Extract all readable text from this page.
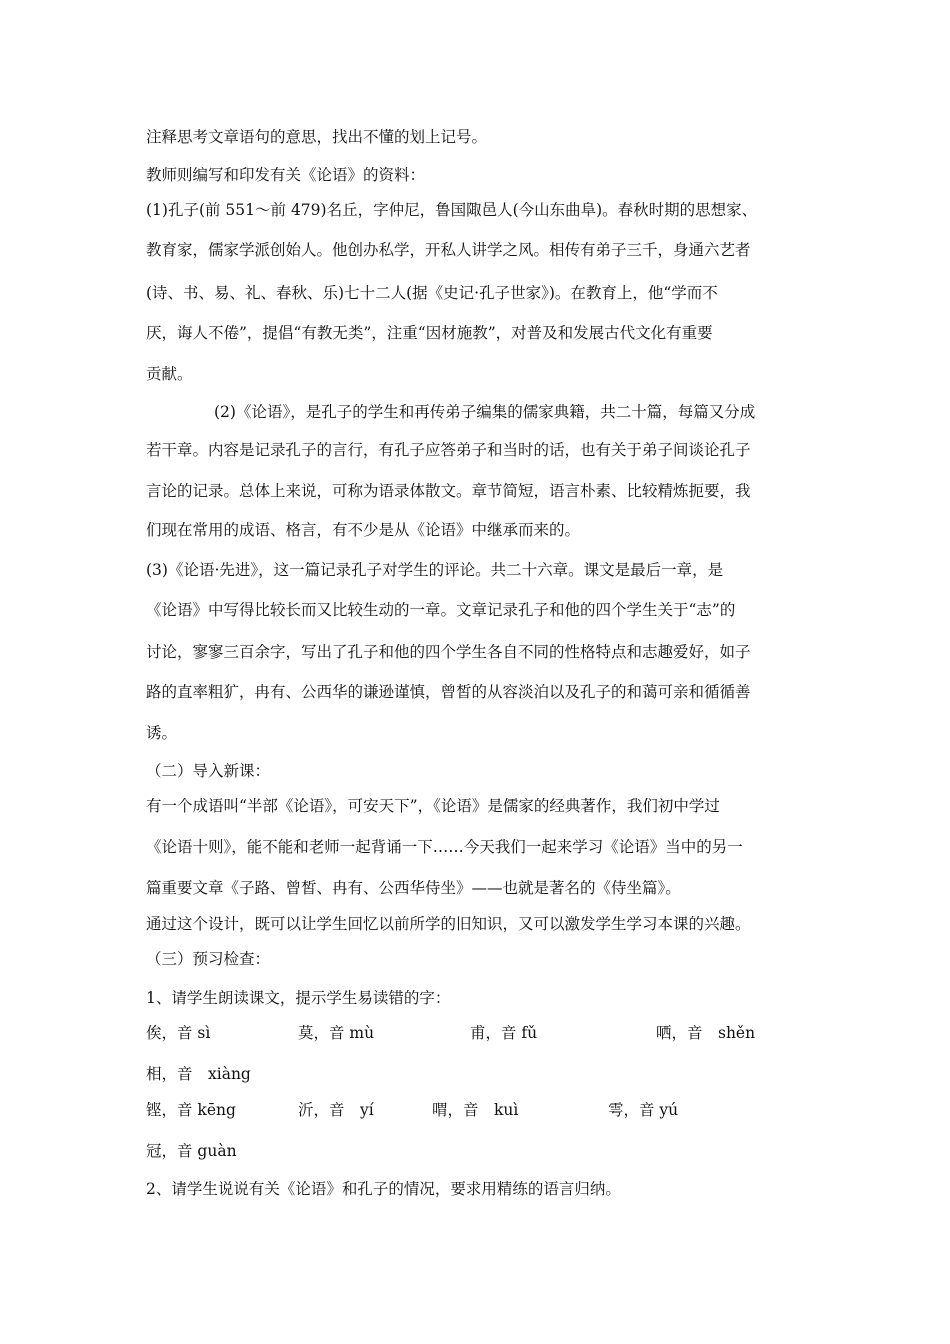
注释思考文章语句的意思，找出不懂的划上记号。
教师则编写和印发有关《论语》的资料：
(1)孔子(前 551～前 479)名丘，字仲尼，鲁国陬邑人(今山东曲阜)。春秋时期的思想家、
教育家，儒家学派创始人。他创办私学，开私人讲学之风。相传有弟子三千，身通六艺者
(诗、书、易、礼、春秋、乐)七十二人(据《史记·孔子世家》)。在教育上，他“学而不
厌，诲人不倦”，提倡“有教无类”，注重“因材施教”，对普及和发展古代文化有重要
贡献。
(2)《论语》，是孔子的学生和再传弟子编集的儒家典籍，共二十篇，每篇又分成
若干章。内容是记录孔子的言行，有孔子应答弟子和当时的话，也有关于弟子间谈论孔子
言论的记录。总体上来说，可称为语录体散文。章节简短，语言朴素、比较精炼扼要，我
们现在常用的成语、格言，有不少是从《论语》中继承而来的。
(3)《论语·先进》，这一篇记录孔子对学生的评论。共二十六章。课文是最后一章，是
《论语》中写得比较长而又比较生动的一章。文章记录孔子和他的四个学生关于“志”的
讨论，寥寥三百余字，写出了孔子和他的四个学生各自不同的性格特点和志趣爱好，如子
路的直率粗犷，冉有、公西华的谦逊谨慎，曾皙的从容淡泊以及孔子的和蔼可亲和循循善
诱。
（二）导入新课：
有一个成语叫“半部《论语》，可安天下”，《论语》是儒家的经典著作，我们初中学过
《论语十则》，能不能和老师一起背诵一下……今天我们一起来学习《论语》当中的另一
篇重要文章《子路、曾皙、冉有、公西华侍坐》——也就是著名的《侍坐篇》。
通过这个设计，既可以让学生回忆以前所学的旧知识，又可以激发学生学习本课的兴趣。
（三）预习检查：
1、请学生朗读课文，提示学生易读错的字：
俟，音 sì	莫，音 mù	甫，音 fǔ	哂，音　shěn
相，音　xiàng
铿，音 kēng	沂，音　yí	喟，音　kuì	雩，音 yú
冠，音 guàn
2、请学生说说有关《论语》和孔子的情况，要求用精练的语言归纳。
